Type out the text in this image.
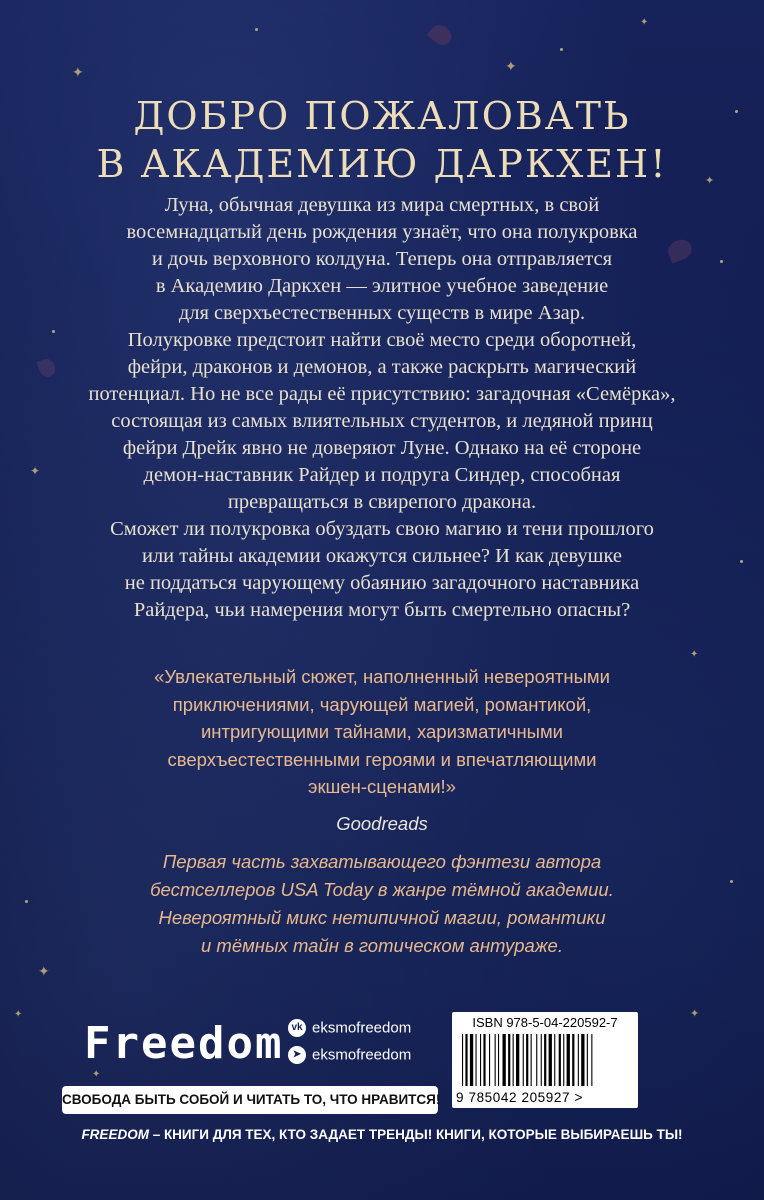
✦	✦
✦
✦
✦
✦
✦
✦
✦
✦
ДОБРО ПОЖАЛОВАТЬ
В АКАДЕМИЮ ДАРКХЕН!

Луна, обычная девушка из мира смертных, в свой

восемнадцатый день рождения узнаёт, что она полукровка

и дочь верховного колдуна. Теперь она отправляется

в Академию Даркхен — элитное учебное заведение

для сверхъестественных существ в мире Азар.

Полукровке предстоит найти своё место среди оборотней,

фейри, драконов и демонов, а также раскрыть магический

потенциал. Но не все рады её присутствию: загадочная «Семёрка»,

состоящая из самых влиятельных студентов, и ледяной принц

фейри Дрейк явно не доверяют Луне. Однако на её стороне

демон-наставник Райдер и подруга Синдер, способная

превращаться в свирепого дракона.

Сможет ли полукровка обуздать свою магию и тени прошлого

или тайны академии окажутся сильнее? И как девушке

не поддаться чарующему обаянию загадочного наставника

Райдера, чьи намерения могут быть смертельно опасны?

«Увлекательный сюжет, наполненный невероятными

приключениями, чарующей магией, романтикой,

интригующими тайнами, харизматичными

сверхъестественными героями и впечатляющими

экшен-сценами!»

Goodreads

Первая часть захватывающего фэнтези автора

бестселлеров USA Today в жанре тёмной академии.

Невероятный микс нетипичной магии, романтики

и тёмных тайн в готическом антураже.

Freedom vk eksmofreedom
➤ eksmofreedom
СВОБОДА БЫТЬ СОБОЙ И ЧИТАТЬ ТО, ЧТО НРАВИТСЯ!
FREEDOM – КНИГИ ДЛЯ ТЕХ, КТО ЗАДАЕТ ТРЕНДЫ! КНИГИ, КОТОРЫЕ ВЫБИРАЕШЬ ТЫ!
ISBN 978-5-04-220592-7
9 785042 205927 >
